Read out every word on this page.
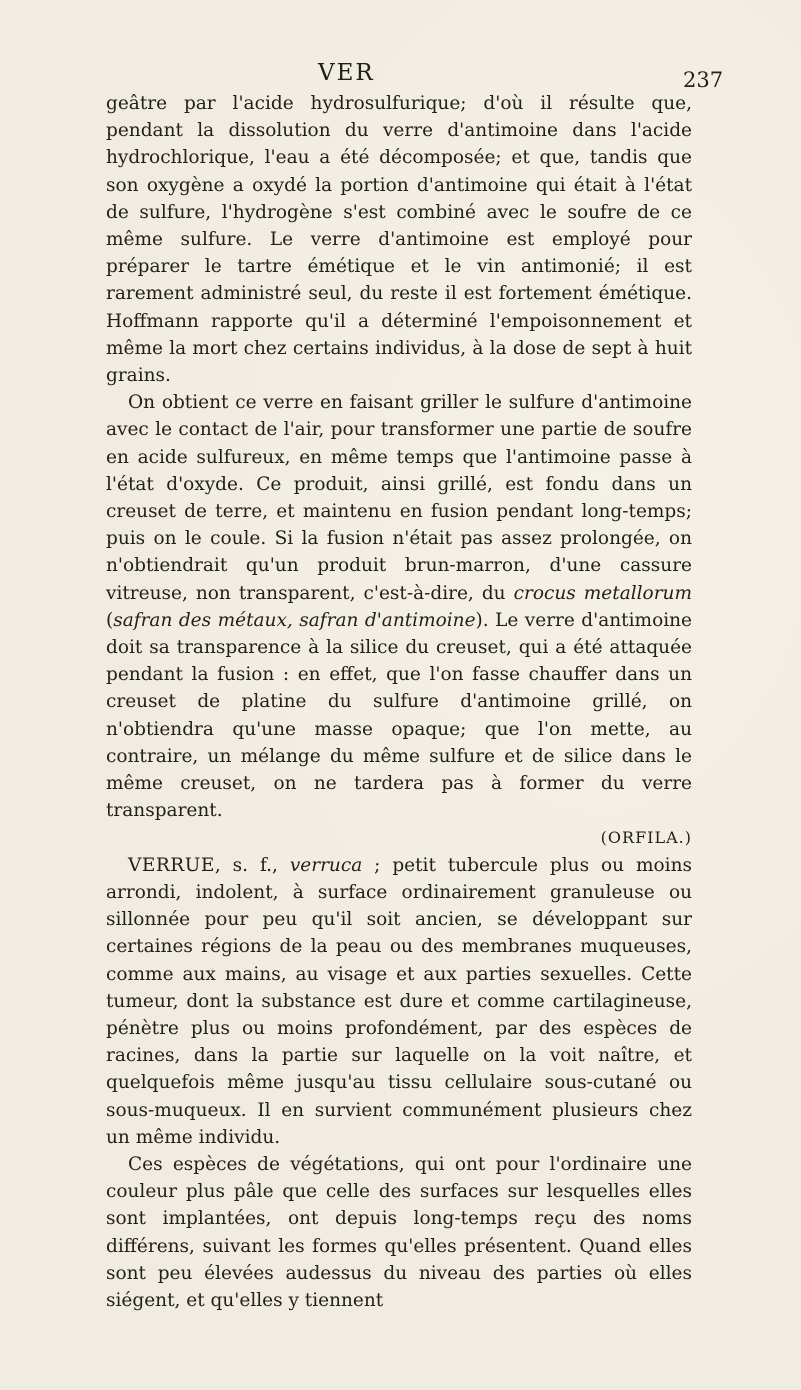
VER	237

geâtre par l'acide hydrosulfurique; d'où il résulte que, pendant la dissolution du verre d'antimoine dans l'acide hydrochlorique, l'eau a été décomposée; et que, tandis que son oxygène a oxydé la portion d'antimoine qui était à l'état de sulfure, l'hydrogène s'est combiné avec le soufre de ce même sulfure. Le verre d'antimoine est employé pour préparer le tartre émétique et le vin antimonié; il est rarement administré seul, du reste il est fortement émétique. Hoffmann rapporte qu'il a déterminé l'empoisonnement et même la mort chez certains individus, à la dose de sept à huit grains.

On obtient ce verre en faisant griller le sulfure d'antimoine avec le contact de l'air, pour transformer une partie de soufre en acide sulfureux, en même temps que l'antimoine passe à l'état d'oxyde. Ce produit, ainsi grillé, est fondu dans un creuset de terre, et maintenu en fusion pendant long-temps; puis on le coule. Si la fusion n'était pas assez prolongée, on n'obtiendrait qu'un produit brun-marron, d'une cassure vitreuse, non transparent, c'est-à-dire, du crocus metallorum (safran des métaux, safran d'antimoine). Le verre d'antimoine doit sa transparence à la silice du creuset, qui a été attaquée pendant la fusion : en effet, que l'on fasse chauffer dans un creuset de platine du sulfure d'antimoine grillé, on n'obtiendra qu'une masse opaque; que l'on mette, au contraire, un mélange du même sulfure et de silice dans le même creuset, on ne tardera pas à former du verre transparent.
(ORFILA.)

VERRUE, s. f., verruca ; petit tubercule plus ou moins arrondi, indolent, à surface ordinairement granuleuse ou sillonnée pour peu qu'il soit ancien, se développant sur certaines régions de la peau ou des membranes muqueuses, comme aux mains, au visage et aux parties sexuelles. Cette tumeur, dont la substance est dure et comme cartilagineuse, pénètre plus ou moins profondément, par des espèces de racines, dans la partie sur laquelle on la voit naître, et quelquefois même jusqu'au tissu cellulaire sous-cutané ou sous-muqueux. Il en survient communément plusieurs chez un même individu.

Ces espèces de végétations, qui ont pour l'ordinaire une couleur plus pâle que celle des surfaces sur lesquelles elles sont implantées, ont depuis long-temps reçu des noms différens, suivant les formes qu'elles présentent. Quand elles sont peu élevées audessus du niveau des parties où elles siégent, et qu'elles y tiennent
